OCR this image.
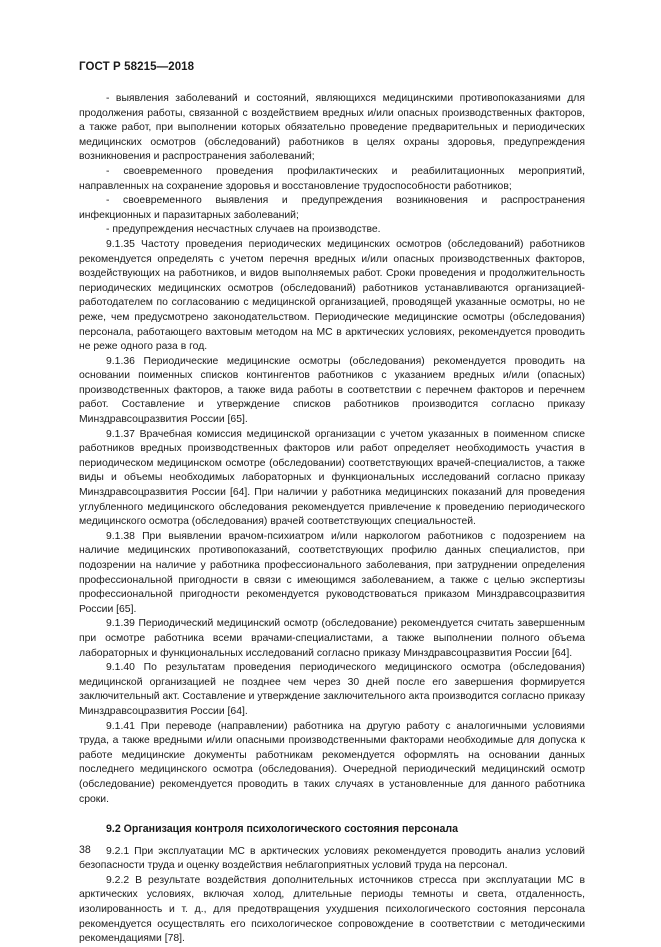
ГОСТ Р 58215—2018

- выявления заболеваний и состояний, являющихся медицинскими противопоказаниями для продолжения работы, связанной с воздействием вредных и/или опасных производственных факторов, а также работ, при выполнении которых обязательно проведение предварительных и периодических медицинских осмотров (обследований) работников в целях охраны здоровья, предупреждения возникновения и распространения заболеваний;

- своевременного проведения профилактических и реабилитационных мероприятий, направленных на сохранение здоровья и восстановление трудоспособности работников;

- своевременного выявления и предупреждения возникновения и распространения инфекционных и паразитарных заболеваний;

- предупреждения несчастных случаев на производстве.

9.1.35 Частоту проведения периодических медицинских осмотров (обследований) работников рекомендуется определять с учетом перечня вредных и/или опасных производственных факторов, воздействующих на работников, и видов выполняемых работ. Сроки проведения и продолжительность периодических медицинских осмотров (обследований) работников устанавливаются организацией-работодателем по согласованию с медицинской организацией, проводящей указанные осмотры, но не реже, чем предусмотрено законодательством. Периодические медицинские осмотры (обследования) персонала, работающего вахтовым методом на МС в арктических условиях, рекомендуется проводить не реже одного раза в год.

9.1.36 Периодические медицинские осмотры (обследования) рекомендуется проводить на основании поименных списков контингентов работников с указанием вредных и/или (опасных) производственных факторов, а также вида работы в соответствии с перечнем факторов и перечнем работ. Составление и утверждение списков работников производится согласно приказу Минздравсоцразвития России [65].

9.1.37 Врачебная комиссия медицинской организации с учетом указанных в поименном списке работников вредных производственных факторов или работ определяет необходимость участия в периодическом медицинском осмотре (обследовании) соответствующих врачей-специалистов, а также виды и объемы необходимых лабораторных и функциональных исследований согласно приказу Минздравсоцразвития России [64]. При наличии у работника медицинских показаний для проведения углубленного медицинского обследования рекомендуется привлечение к проведению периодического медицинского осмотра (обследования) врачей соответствующих специальностей.

9.1.38 При выявлении врачом-психиатром и/или наркологом работников с подозрением на наличие медицинских противопоказаний, соответствующих профилю данных специалистов, при подозрении на наличие у работника профессионального заболевания, при затруднении определения профессиональной пригодности в связи с имеющимся заболеванием, а также с целью экспертизы профессиональной пригодности рекомендуется руководствоваться приказом Минздравсоцразвития России [65].

9.1.39 Периодический медицинский осмотр (обследование) рекомендуется считать завершенным при осмотре работника всеми врачами-специалистами, а также выполнении полного объема лабораторных и функциональных исследований согласно приказу Минздравсоцразвития России [64].

9.1.40 По результатам проведения периодического медицинского осмотра (обследования) медицинской организацией не позднее чем через 30 дней после его завершения формируется заключительный акт. Составление и утверждение заключительного акта производится согласно приказу Минздравсоцразвития России [64].

9.1.41 При переводе (направлении) работника на другую работу с аналогичными условиями труда, а также вредными и/или опасными производственными факторами необходимые для допуска к работе медицинские документы работникам рекомендуется оформлять на основании данных последнего медицинского осмотра (обследования). Очередной периодический медицинский осмотр (обследование) рекомендуется проводить в таких случаях в установленные для данного работника сроки.

9.2 Организация контроля психологического состояния персонала

9.2.1 При эксплуатации МС в арктических условиях рекомендуется проводить анализ условий безопасности труда и оценку воздействия неблагоприятных условий труда на персонал.

9.2.2 В результате воздействия дополнительных источников стресса при эксплуатации МС в арктических условиях, включая холод, длительные периоды темноты и света, отдаленность, изолированность и т. д., для предотвращения ухудшения психологического состояния персонала рекомендуется осуществлять его психологическое сопровождение в соответствии с методическими рекомендациями [78].

38
